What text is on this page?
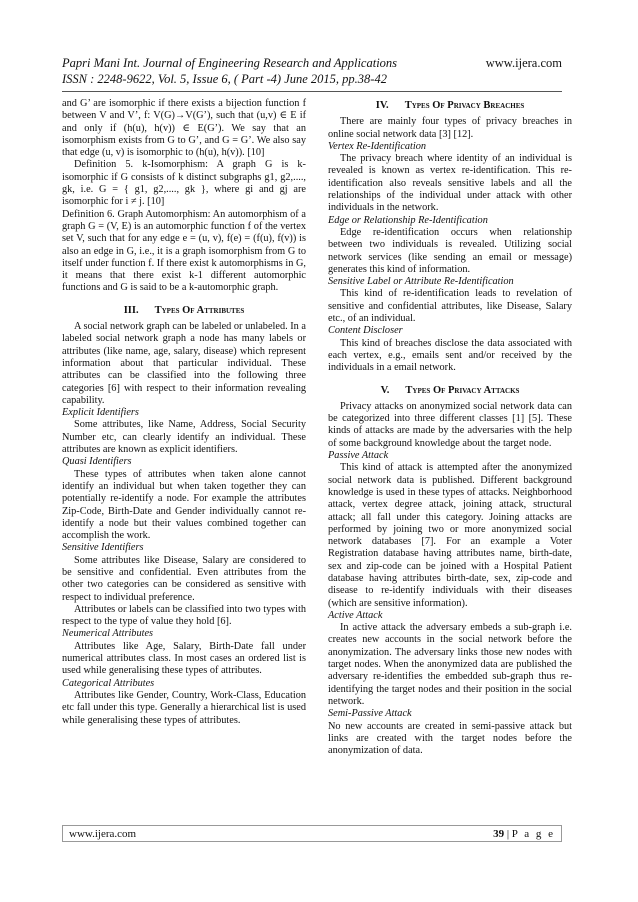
Papri Mani Int. Journal of Engineering Research and Applications	www.ijera.com
ISSN : 2248-9622, Vol. 5, Issue 6, ( Part -4) June 2015, pp.38-42

and G’ are isomorphic if there exists a bijection function f between V and V’, f: V(G)→V(G’), such that (u,v) ∈ E if and only if (h(u), h(v)) ∈ E(G’). We say that an isomorphism exists from G to G’, and G = G’. We also say that edge (u, v) is isomorphic to (h(u), h(v)). [10]

Definition 5. k-Isomorphism: A graph G is k-isomorphic if G consists of k distinct subgraphs g1, g2,...., gk, i.e. G = { g1, g2,...., gk }, where gi and gj are isomorphic for i ≠ j. [10]

Definition 6. Graph Automorphism: An automorphism of a graph G = (V, E) is an automorphic function f of the vertex set V, such that for any edge e = (u, v), f(e) = (f(u), f(v)) is also an edge in G, i.e., it is a graph isomorphism from G to itself under function f. If there exist k automorphisms in G, it means that there exist k-1 different automorphic functions and G is said to be a k-automorphic graph.

III. Types Of Attributes

A social network graph can be labeled or unlabeled. In a labeled social network graph a node has many labels or attributes (like name, age, salary, disease) which represent information about that particular individual. These attributes can be classified into the following three categories [6] with respect to their information revealing capability.

Explicit Identifiers

Some attributes, like Name, Address, Social Security Number etc, can clearly identify an individual. These attributes are known as explicit identifiers.

Quasi Identifiers

These types of attributes when taken alone cannot identify an individual but when taken together they can potentially re-identify a node. For example the attributes Zip-Code, Birth-Date and Gender individually cannot re-identify a node but their values combined together can accomplish the work.

Sensitive Identifiers

Some attributes like Disease, Salary are considered to be sensitive and confidential. Even attributes from the other two categories can be considered as sensitive with respect to individual preference.

Attributes or labels can be classified into two types with respect to the type of value they hold [6].

Neumerical Attributes

Attributes like Age, Salary, Birth-Date fall under numerical attributes class. In most cases an ordered list is used while generalising these types of attributes.

Categorical Attributes

Attributes like Gender, Country, Work-Class, Education etc fall under this type. Generally a hierarchical list is used while generalising these types of attributes.

IV. Types Of Privacy Breaches

There are mainly four types of privacy breaches in online social network data [3] [12].

Vertex Re-Identification

The privacy breach where identity of an individual is revealed is known as vertex re-identification. This re-identification also reveals sensitive labels and all the relationships of the individual under attack with other individuals in the network.

Edge or Relationship Re-Identification

Edge re-identification occurs when relationship between two individuals is revealed. Utilizing social network services (like sending an email or message) generates this kind of information.

Sensitive Label or Attribute Re-Identification

This kind of re-identification leads to revelation of sensitive and confidential attributes, like Disease, Salary etc., of an individual.

Content Discloser

This kind of breaches disclose the data associated with each vertex, e.g., emails sent and/or received by the individuals in a email network.

V. Types Of Privacy Attacks

Privacy attacks on anonymized social network data can be categorized into three different classes [1] [5]. These kinds of attacks are made by the adversaries with the help of some background knowledge about the target node.

Passive Attack

This kind of attack is attempted after the anonymized social network data is published. Different background knowledge is used in these types of attacks. Neighborhood attack, vertex degree attack, joining attack, structural attack; all fall under this category. Joining attacks are performed by joining two or more anonymized social network databases [7]. For an example a Voter Registration database having attributes name, birth-date, sex and zip-code can be joined with a Hospital Patient database having attributes birth-date, sex, zip-code and disease to re-identify individuals with their diseases (which are sensitive information).

Active Attack

In active attack the adversary embeds a sub-graph i.e. creates new accounts in the social network before the anonymization. The adversary links those new nodes with target nodes. When the anonymized data are published the adversary re-identifies the embedded sub-graph thus re-identifying the target nodes and their position in the social network.

Semi-Passive Attack

No new accounts are created in semi-passive attack but links are created with the target nodes before the anonymization of data.

www.ijera.com	39 | P a g e
